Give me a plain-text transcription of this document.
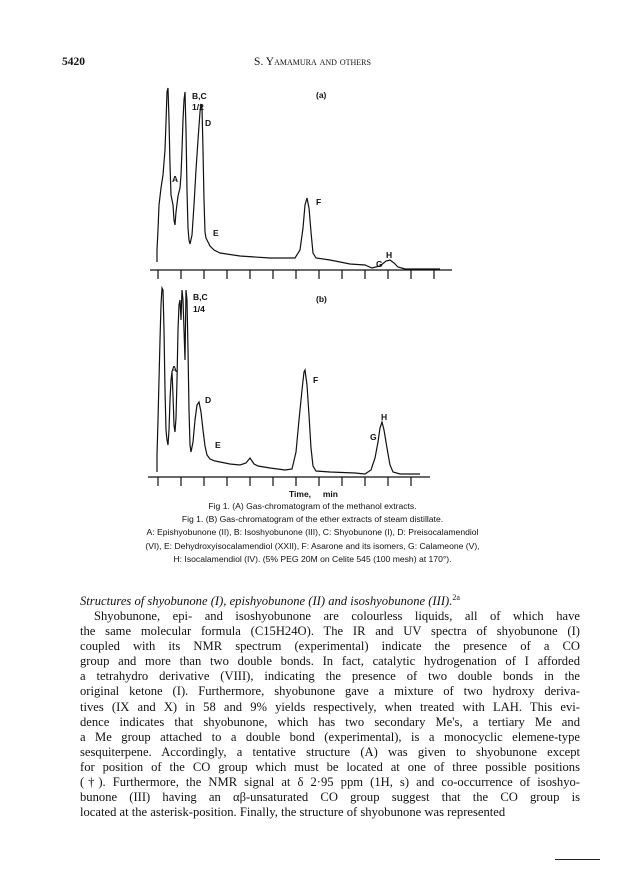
5420	S. Yamamura and others
(a)
B,C
1/2
D
A
E
F
G
H
(b)
B,C
1/4
A
D
E
F
G
H
Time,     min
Fig 1. (A) Gas-chromatogram of the methanol extracts.
Fig 1. (B) Gas-chromatogram of the ether extracts of steam distillate.
A: Epishyobunone (II), B: Isoshyobunone (III), C: Shyobunone (I), D: Preisocalamendiol
(VI), E: Dehydroxyisocalamendiol (XXII), F: Asarone and its isomers, G: Calameone (V),
H: Isocalamendiol (IV). (5% PEG 20M on Celite 545 (100 mesh) at 170°).

Structures of shyobunone (I), epishyobunone (II) and isoshyobunone (III).$^{2a}$

Shyobunone, epi- and isoshyobunone are colourless liquids, all of which have
the same molecular formula (C15H24O). The IR and UV spectra of shyobunone (I)
coupled with its NMR spectrum (experimental) indicate the presence of a CO
group and more than two double bonds. In fact, catalytic hydrogenation of I afforded
a tetrahydro derivative (VIII), indicating the presence of two double bonds in the
original ketone (I). Furthermore, shyobunone gave a mixture of two hydroxy deriva-
tives (IX and X) in 58 and 9% yields respectively, when treated with LAH. This evi-
dence indicates that shyobunone, which has two secondary Me's, a tertiary Me and
a Me group attached to a double bond (experimental), is a monocyclic elemene-type
sesquiterpene. Accordingly, a tentative structure (A) was given to shyobunone except
for position of the CO group which must be located at one of three possible positions
(†). Furthermore, the NMR signal at δ 2·95 ppm (1H, s) and co-occurrence of isoshyo-
bunone (III) having an αβ-unsaturated CO group suggest that the CO group is
located at the asterisk-position. Finally, the structure of shyobunone was represented
